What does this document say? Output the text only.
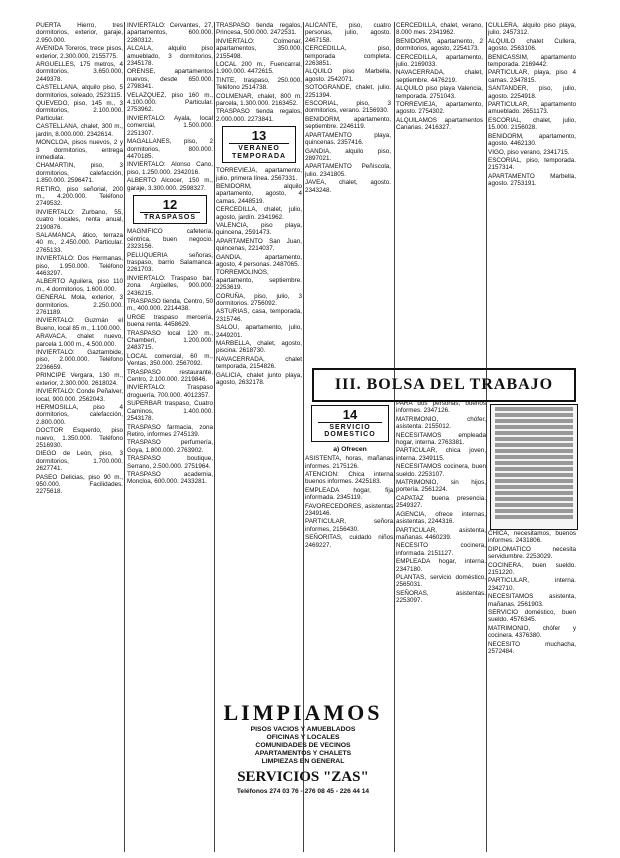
PUERTA Hierro, tres dormitorios, exterior, garaje, 2.950.000.
AVENIDA Toreros, trece pisos, exterior, 2.300.000, 2155775.
ARGUELLES, 175 metros, 4 dormitorios, 3.650.000, 2449378.
CASTELLANA, alquilo piso, 5 dormitorios, soleado, 2523115.
QUEVEDO, piso, 145 m., 3 dormitorios, 2.100.000. Particular.
CASTELLANA, chalet, 300 m., jardín, 8.000.000. 2342614.
MONCLOA, pisos nuevos, 2 y 3 dormitorios, entrega inmediata.
CHAMARTIN, piso, 3 dormitorios, calefacción, 1.850.000. 2596471.
RETIRO, piso señorial, 200 m., 4.200.000. Teléfono 2749532.
INVIERTALO: Zurbano, 55, cuatro locales, renta anual, 2190876.
SALAMANCA, ático, terraza 40 m., 2.450.000. Particular. 2765133.
INVIERTALO: Dos Hermanas, piso, 1.950.000. Teléfono 4463297.
ALBERTO Aguilera, piso 110 m., 4 dormitorios, 1.600.000.
GENERAL Mola, exterior, 3 dormitorios, 2.250.000. 2761189.
INVIERTALO: Guzmán el Bueno, local 85 m., 1.100.000.
ARAVACA, chalet nuevo, parcela 1.000 m., 4.500.000.
INVIERTALO: Gaztambide, piso, 2.000.000. Teléfono 2236659.
PRINCIPE Vergara, 130 m., exterior, 2.300.000. 2618024.
INVIERTALO: Conde Peñalver, local, 900.000. 2562043.
HERMOSILLA, piso 4 dormitorios, calefacción, 2.800.000.
DOCTOR Esquerdo, piso nuevo, 1.350.000. Teléfono 2516930.
DIEGO de León, piso, 3 dormitorios, 1.700.000. 2627741.
PASEO Delicias, piso 90 m., 950.000. Facilidades. 2275618.
INVIERTALO: Cervantes, 27, apartamentos, 600.000. 2280312.
ALCALA, alquilo piso amueblado, 3 dormitorios, 2345178.
ORENSE, apartamentos nuevos, desde 650.000. 2798341.
VELAZQUEZ, piso 160 m., 4.100.000. Particular. 2753962.
INVIERTALO: Ayala, local comercial, 1.500.000. 2251307.
MAGALLANES, piso, 2 dormitorios, 800.000. 4470185.
INVIERTALO: Alonso Cano, piso, 1.250.000. 2342016.
ALBERTO Alcocer, 150 m., garaje, 3.300.000. 2598327.
12
TRASPASOS
MAGNIFICO cafetería, céntrica, buen negocio. 2323156.
PELUQUERIA señoras, traspaso, barrio Salamanca. 2261703.
INVIERTALO: Traspaso bar, zona Argüelles, 900.000. 2436215.
TRASPASO tienda, Centro, 50 m., 400.000. 2214438.
URGE traspaso mercería, buena renta. 4458629.
TRASPASO local 120 m., Chamberí, 1.200.000. 2483715.
LOCAL comercial, 60 m., Ventas, 350.000. 2567092.
TRASPASO restaurante, Centro, 2.100.000. 2219846.
INVIERTALO: Traspaso droguería, 700.000. 4012357.
SUPERBAR traspaso, Cuatro Caminos, 1.400.000. 2543178.
TRASPASO farmacia, zona Retiro, informes 2745139.
TRASPASO perfumería, Goya, 1.800.000. 2763902.
TRASPASO boutique, Serrano, 2.500.000. 2751964.
TRASPASO academia, Moncloa, 600.000. 2433281.
TRASPASO tienda regalos, Princesa, 500.000. 2472531.
INVIERTALO: Colmenar, apartamentos, 350.000. 2155498.
LOCAL 200 m., Fuencarral, 1.900.000. 4472615.
TINTE, traspaso, 250.000. Teléfono 2514738.
COLMENAR, chalet, 800 m. parcela, 1.300.000. 2163452.
TRASPASO tienda regalos, 2.000.000. 2273841.
13
VERANEO TEMPORADA
TORREVIEJA, apartamento, julio, primera línea. 2567331.
BENIDORM, alquilo apartamento, agosto, 4 camas. 2448519.
CERCEDILLA, chalet, julio, agosto, jardín. 2341962.
VALENCIA, piso playa, quincena, 2591473.
APARTAMENTO San Juan, quincenas, 2214037.
GANDIA, apartamento, agosto, 4 personas. 2487065.
TORREMOLINOS, apartamento, septiembre. 2253619.
CORUÑA, piso, julio, 3 dormitorios. 2756092.
ASTURIAS, casa, temporada, 2315746.
SALOU, apartamento, julio, 2449201.
MARBELLA, chalet, agosto, piscina. 2618730.
NAVACERRADA, chalet temporada, 2154826.
GALICIA, chalet junto playa, agosto, 2632178.
ALICANTE, piso, cuatro personas, julio, agosto. 2467158.
CERCEDILLA, piso, temporada completa. 2263851.
ALQUILO piso Marbella, agosto. 2542071.
SOTOGRANDE, chalet, julio. 2251394.
ESCORIAL, piso, 3 dormitorios, verano. 2156930.
BENIDORM, apartamento, septiembre. 2246119.
APARTAMENTO playa, quincenas. 2357416.
GANDIA, alquilo piso, 2897021.
APARTAMENTO Peñíscola, julio. 2341805.
JAVEA, chalet, agosto. 2343248.
CERCEDILLA, chalet, verano, 8.000 mes. 2341962.
BENIDORM, apartamento, 2 dormitorios, agosto, 2254173.
CERCEDILLA, apartamento, julio. 2169033.
NAVACERRADA, chalet, septiembre. 4476219.
ALQUILO piso playa Valencia, temporada. 2751043.
TORREVIEJA, apartamento, agosto. 2754302.
ALQUILAMOS apartamentos Canarias. 2416327.
CULLERA, alquilo piso playa, julio. 2457312.
ALQUILO chalet Cullera, agosto. 2563106.
BENICASSIM, apartamento temporada. 2169442.
PARTICULAR, playa, piso 4 camas. 2347815.
SANTANDER, piso, julio, agosto. 2254918.
PARTICULAR, apartamento amueblado. 2651173.
ESCORIAL, chalet, julio, 15.000. 2156028.
BENIDORM, apartamento, agosto. 4462130.
VIGO, piso verano, 2341715.
ESCORIAL, piso, temporada. 2157314.
APARTAMENTO Marbella, agosto. 2753191.
III. BOLSA DEL TRABAJO
14
SERVICIO DOMESTICO
a) Ofrecen
ASISTENTA, horas, mañanas, informes. 2175126.
ATENCION: Chica interna, buenos informes. 2425183.
EMPLEADA hogar, fija, informada. 2345119.
FAVORECEDORES, asistentas. 2349146.
PARTICULAR, señora, informes, 2156430.
SEÑORITAS, cuidado niños, 2469227.
PARA dos personas, buenos informes. 2347126.
MATRIMONIO, chófer, asistenta. 2155012.
NECESITAMOS empleada hogar, interna. 2763381.
PARTICULAR, chica joven, interna. 2349115.
NECESITAMOS cocinera, buen sueldo. 2253107.
MATRIMONIO, sin hijos, portería. 2561224.
CAPATAZ buena presencia. 2549327.
AGENCIA, ofrece internas, asistentas, 2244316.
PARTICULAR, asistenta, mañanas. 4460239.
NECESITO cocinera, informada. 2151127.
EMPLEADA hogar, interna. 2347180.
PLANTAS, servicio doméstico, 2565031.
SEÑORAS, asistentas. 2253097.
CHICA, necesitamos, buenos informes. 2431806.
DIPLOMATICO necesita servidumbre. 2253029.
COCINERA, buen sueldo. 2151220.
PARTICULAR, interna. 2342710.
NECESITAMOS asistenta, mañanas. 2561903.
SERVICIO doméstico, buen sueldo. 4576345.
MATRIMONIO, chófer y cocinera. 4376380.
NECESITO muchacha, 2572484.
LIMPIAMOS
PISOS VACIOS Y AMUEBLADOS
OFICINAS Y LOCALES
COMUNIDADES DE VECINOS
APARTAMENTOS Y CHALETS
LIMPIEZAS EN GENERAL
SERVICIOS "ZAS"
Teléfonos 274 03 76 - 276 08 45 - 226 44 14
